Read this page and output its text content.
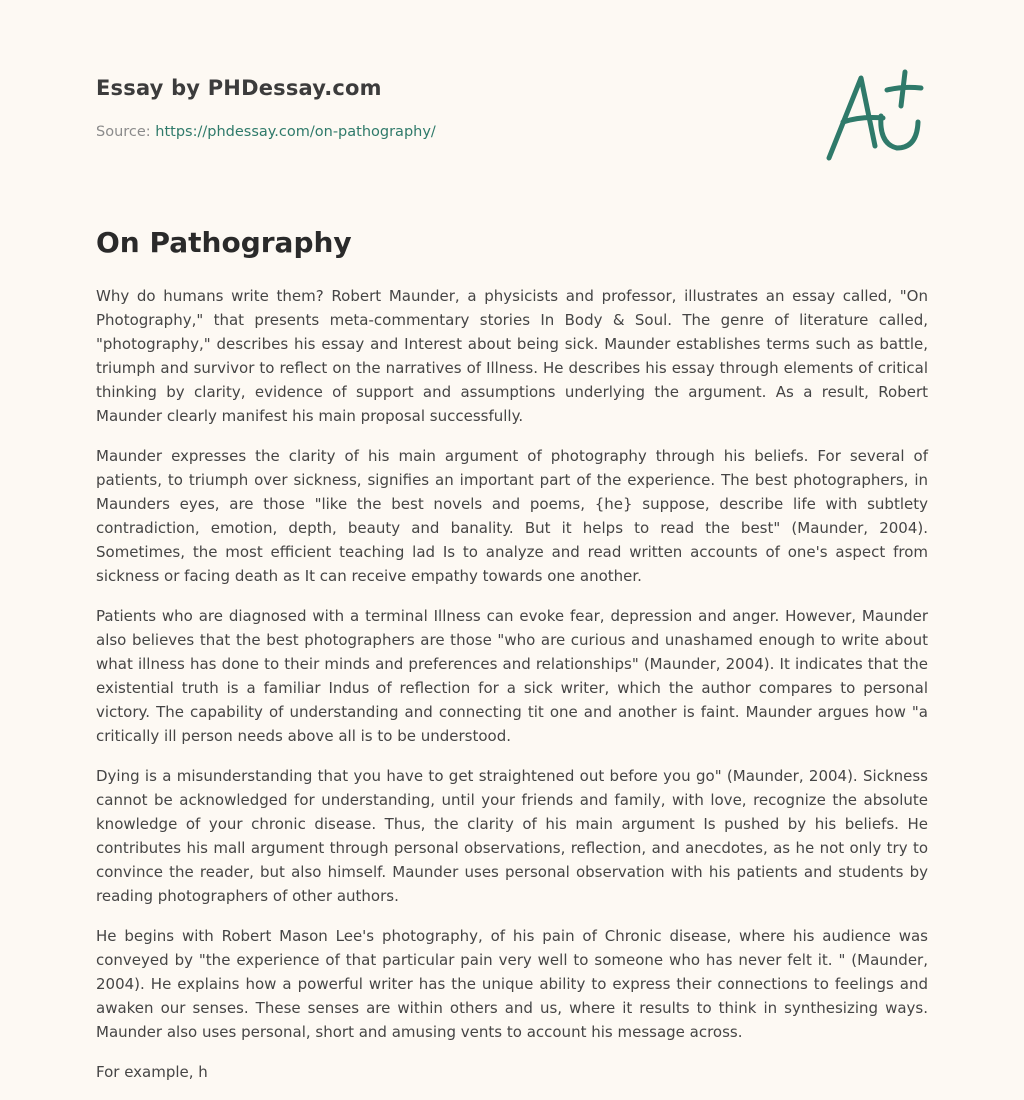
Essay by PHDessay.com
Source: https://phdessay.com/on-pathography/
On Pathography

Why do humans write them? Robert Maunder, a physicists and professor, illustrates an essay called, "On Photography," that presents meta-commentary stories In Body & Soul. The genre of literature called, "photography," describes his essay and Interest about being sick. Maunder establishes terms such as battle, triumph and survivor to reflect on the narratives of Illness. He describes his essay through elements of critical thinking by clarity, evidence of support and assumptions underlying the argument. As a result, Robert Maunder clearly manifest his main proposal successfully.

Maunder expresses the clarity of his main argument of photography through his beliefs. For several of patients, to triumph over sickness, signifies an important part of the experience. The best photographers, in Maunders eyes, are those "like the best novels and poems, {he} suppose, describe life with subtlety contradiction, emotion, depth, beauty and banality. But it helps to read the best" (Maunder, 2004). Sometimes, the most efficient teaching lad Is to analyze and read written accounts of one's aspect from sickness or facing death as It can receive empathy towards one another.

Patients who are diagnosed with a terminal Illness can evoke fear, depression and anger. However, Maunder also believes that the best photographers are those "who are curious and unashamed enough to write about what illness has done to their minds and preferences and relationships" (Maunder, 2004). It indicates that the existential truth is a familiar Indus of reflection for a sick writer, which the author compares to personal victory. The capability of understanding and connecting tit one and another is faint. Maunder argues how "a critically ill person needs above all is to be understood.

Dying is a misunderstanding that you have to get straightened out before you go" (Maunder, 2004). Sickness cannot be acknowledged for understanding, until your friends and family, with love, recognize the absolute knowledge of your chronic disease. Thus, the clarity of his main argument Is pushed by his beliefs. He contributes his mall argument through personal observations, reflection, and anecdotes, as he not only try to convince the reader, but also himself. Maunder uses personal observation with his patients and students by reading photographers of other authors.

He begins with Robert Mason Lee's photography, of his pain of Chronic disease, where his audience was conveyed by "the experience of that particular pain very well to someone who has never felt it. " (Maunder, 2004). He explains how a powerful writer has the unique ability to express their connections to feelings and awaken our senses. These senses are within others and us, where it results to think in synthesizing ways. Maunder also uses personal, short and amusing vents to account his message across.

For example, h
